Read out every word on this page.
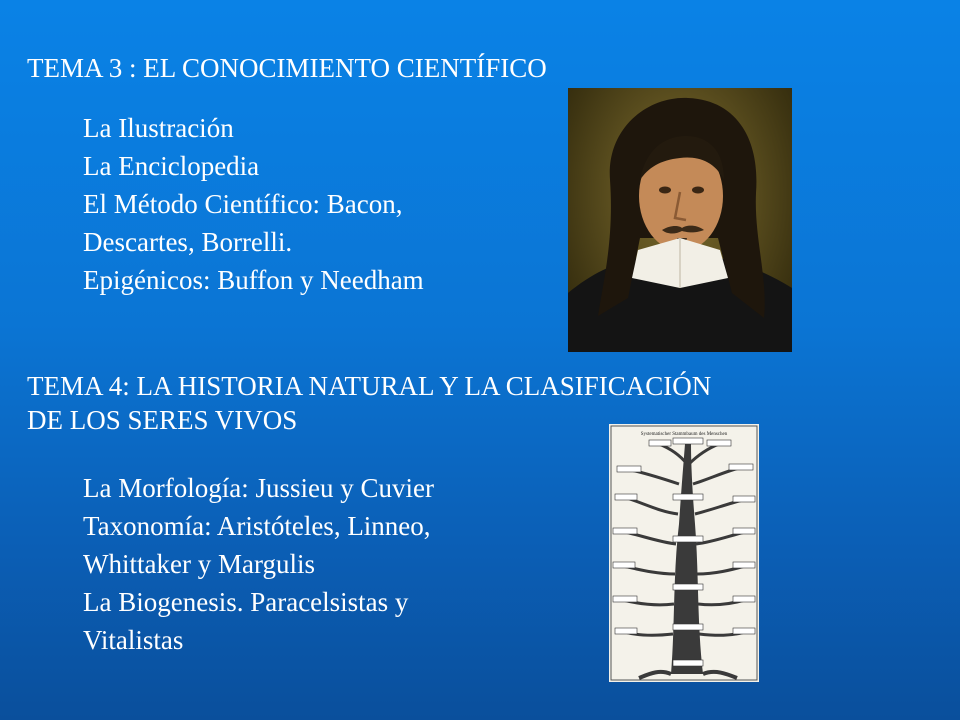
TEMA 3 : EL CONOCIMIENTO CIENTÍFICO
La Ilustración
La Enciclopedia
El Método Científico: Bacon,
Descartes, Borrelli.
Epigénicos: Buffon y Needham
TEMA 4: LA HISTORIA NATURAL Y LA CLASIFICACIÓN
DE LOS SERES VIVOS
La Morfología: Jussieu y Cuvier
Taxonomía: Aristóteles, Linneo,
Whittaker y Margulis
La Biogenesis. Paracelsistas y
Vitalistas
Systematischer Stammbaum des Menschen
